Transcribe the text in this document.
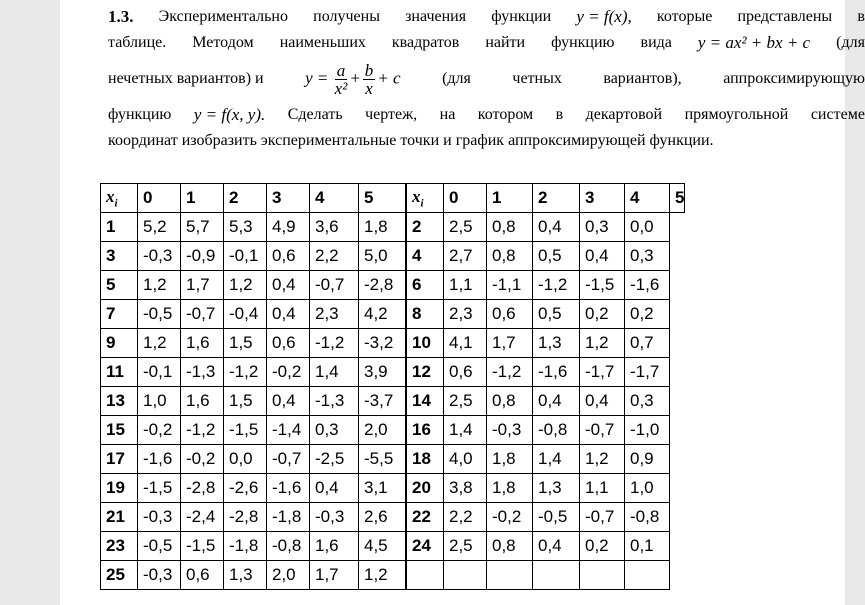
1.3. Экспериментально получены значения функции y = f(x), которые представлены в
таблице. Методом наименьших квадратов найти функцию вида y = ax² + bx + c (для
нечетных вариантов) и $y = \frac{a}{\text{x²}} + \frac{b}{x} + c$	(для	четных	вариантов),	аппроксимирующую
функцию y = f(x, y). Сделать чертеж, на котором в декартовой прямоугольной системе
координат изобразить экспериментальные точки и график аппроксимирующей функции.
$x_i$	0	1	2	3	4	5	$x_i$	0	1	2	3	4	5
1	5,2	5,7	5,3	4,9	3,6	1,8	2	2,5	0,8	0,4	0,3	0,0	
3	-0,3	-0,9	-0,1	0,6	2,2	5,0	4	2,7	0,8	0,5	0,4	0,3	
5	1,2	1,7	1,2	0,4	-0,7	-2,8	6	1,1	-1,1	-1,2	-1,5	-1,6	
7	-0,5	-0,7	-0,4	0,4	2,3	4,2	8	2,3	0,6	0,5	0,2	0,2	
9	1,2	1,6	1,5	0,6	-1,2	-3,2	10	4,1	1,7	1,3	1,2	0,7	
11	-0,1	-1,3	-1,2	-0,2	1,4	3,9	12	0,6	-1,2	-1,6	-1,7	-1,7	
13	1,0	1,6	1,5	0,4	-1,3	-3,7	14	2,5	0,8	0,4	0,4	0,3	
15	-0,2	-1,2	-1,5	-1,4	0,3	2,0	16	1,4	-0,3	-0,8	-0,7	-1,0	
17	-1,6	-0,2	0,0	-0,7	-2,5	-5,5	18	4,0	1,8	1,4	1,2	0,9	
19	-1,5	-2,8	-2,6	-1,6	0,4	3,1	20	3,8	1,8	1,3	1,1	1,0	
21	-0,3	-2,4	-2,8	-1,8	-0,3	2,6	22	2,2	-0,2	-0,5	-0,7	-0,8	
23	-0,5	-1,5	-1,8	-0,8	1,6	4,5	24	2,5	0,8	0,4	0,2	0,1	
25	-0,3	0,6	1,3	2,0	1,7	1,2							
